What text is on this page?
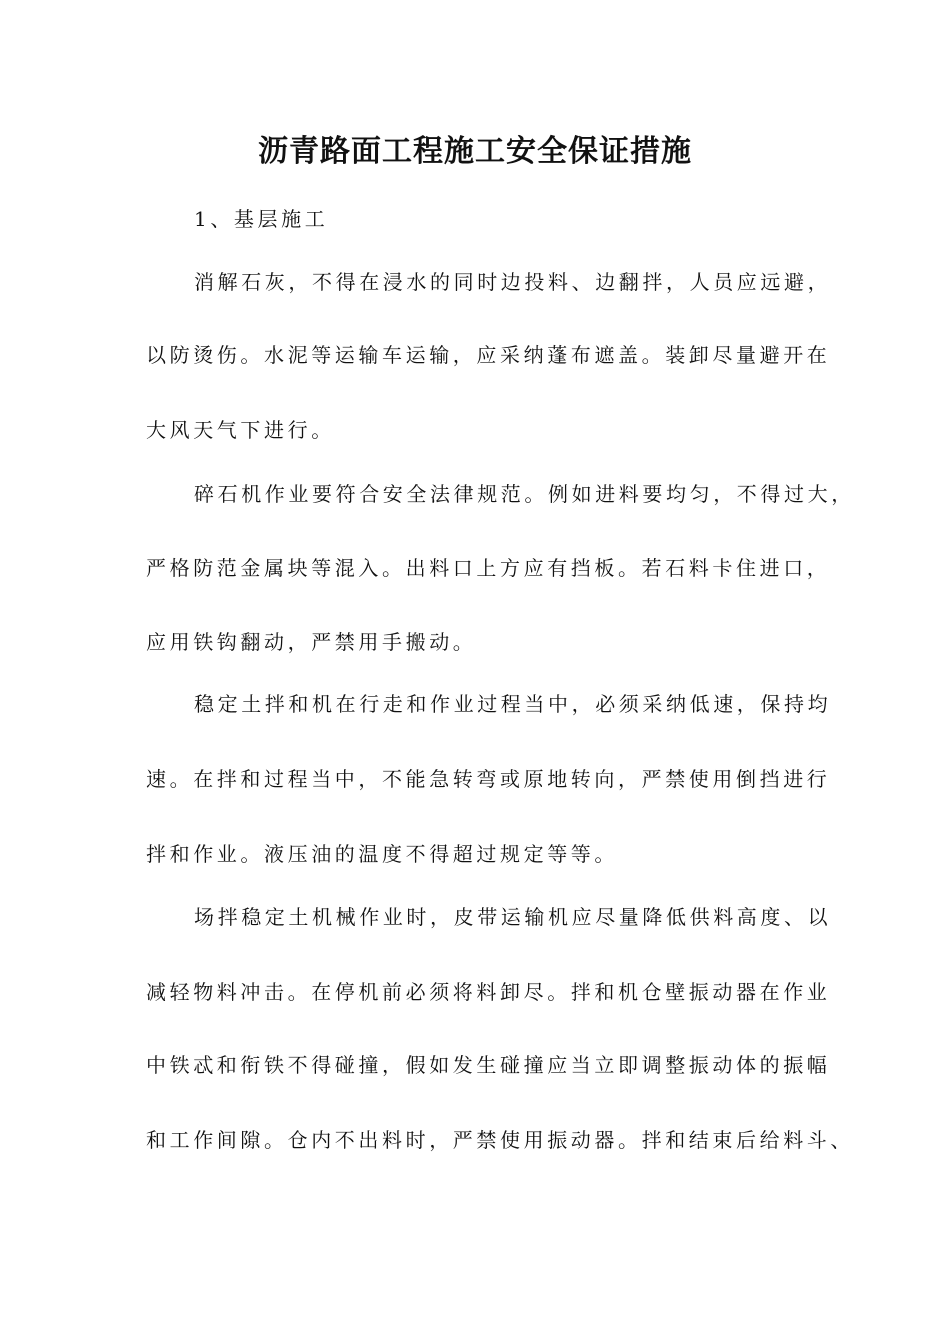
沥青路面工程施工安全保证措施
1、基层施工
消解石灰，不得在浸水的同时边投料、边翻拌，人员应远避，
以防烫伤。水泥等运输车运输，应采纳蓬布遮盖。装卸尽量避开在
大风天气下进行。
碎石机作业要符合安全法律规范。例如进料要均匀，不得过大，
严格防范金属块等混入。出料口上方应有挡板。若石料卡住进口，
应用铁钩翻动，严禁用手搬动。
稳定土拌和机在行走和作业过程当中，必须采纳低速，保持均
速。在拌和过程当中，不能急转弯或原地转向，严禁使用倒挡进行
拌和作业。液压油的温度不得超过规定等等。
场拌稳定土机械作业时，皮带运输机应尽量降低供料高度、以
减轻物料冲击。在停机前必须将料卸尽。拌和机仓壁振动器在作业
中铁忒和衔铁不得碰撞，假如发生碰撞应当立即调整振动体的振幅
和工作间隙。仓内不出料时，严禁使用振动器。拌和结束后给料斗、
